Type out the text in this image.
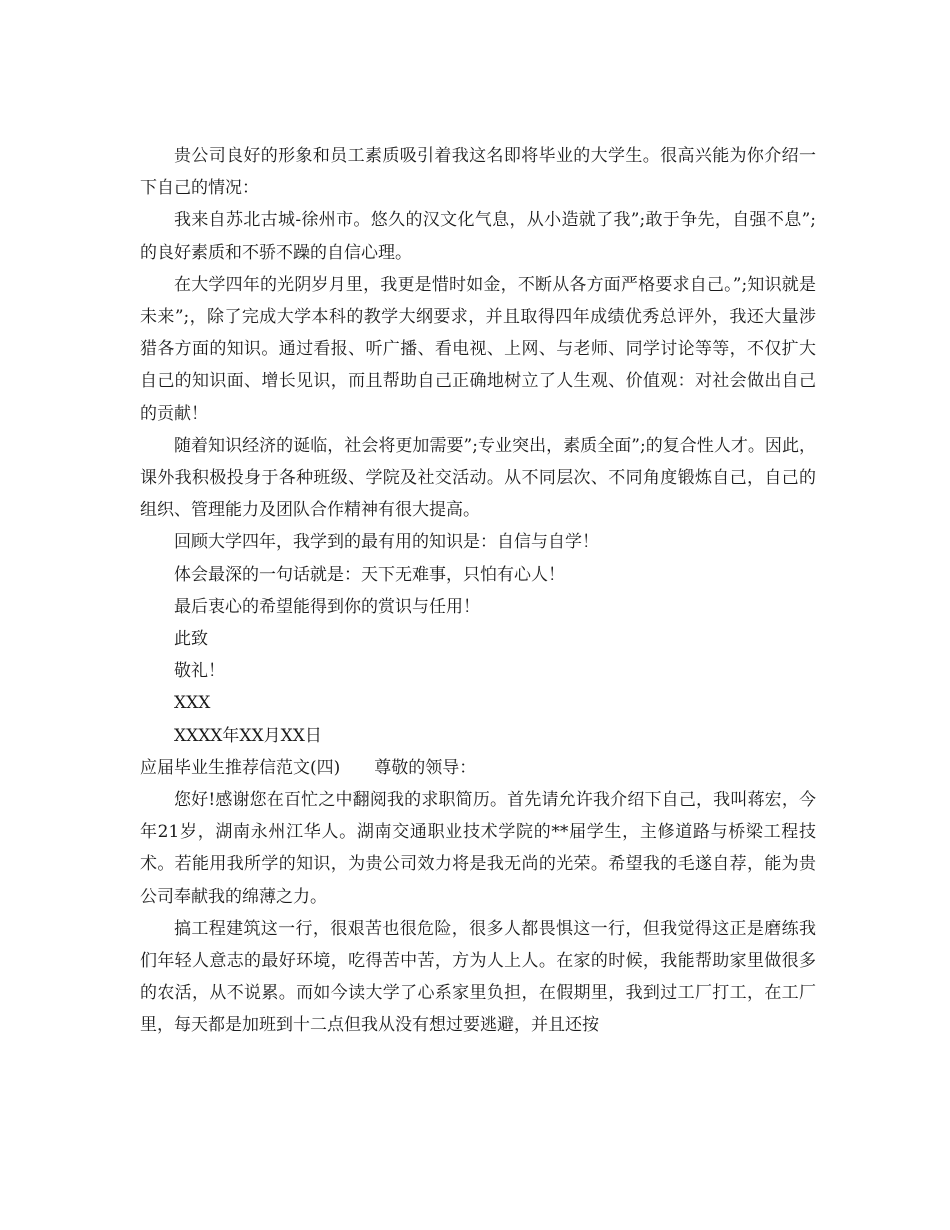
贵公司良好的形象和员工素质吸引着我这名即将毕业的大学生。很高兴能为你介绍一下自己的情况：

我来自苏北古城-徐州市。悠久的汉文化气息，从小造就了我”;敢于争先，自强不息”;的良好素质和不骄不躁的自信心理。

在大学四年的光阴岁月里，我更是惜时如金，不断从各方面严格要求自己。”;知识就是未来”;，除了完成大学本科的教学大纲要求，并且取得四年成绩优秀总评外，我还大量涉猎各方面的知识。通过看报、听广播、看电视、上网、与老师、同学讨论等等，不仅扩大自己的知识面、增长见识，而且帮助自己正确地树立了人生观、价值观：对社会做出自己的贡献！

随着知识经济的诞临，社会将更加需要”;专业突出，素质全面”;的复合性人才。因此，课外我积极投身于各种班级、学院及社交活动。从不同层次、不同角度锻炼自己，自己的组织、管理能力及团队合作精神有很大提高。

回顾大学四年，我学到的最有用的知识是：自信与自学！

体会最深的一句话就是：天下无难事，只怕有心人！

最后衷心的希望能得到你的赏识与任用！

此致

敬礼！

XXX

XXXX年XX月XX日

应届毕业生推荐信范文(四) 尊敬的领导：

您好!感谢您在百忙之中翻阅我的求职简历。首先请允许我介绍下自己，我叫蒋宏，今年21岁，湖南永州江华人。湖南交通职业技术学院的**届学生，主修道路与桥梁工程技术。若能用我所学的知识，为贵公司效力将是我无尚的光荣。希望我的毛遂自荐，能为贵公司奉献我的绵薄之力。

搞工程建筑这一行，很艰苦也很危险，很多人都畏惧这一行，但我觉得这正是磨练我们年轻人意志的最好环境，吃得苦中苦，方为人上人。在家的时候，我能帮助家里做很多的农活，从不说累。而如今读大学了心系家里负担，在假期里，我到过工厂打工，在工厂里，每天都是加班到十二点但我从没有想过要逃避，并且还按
